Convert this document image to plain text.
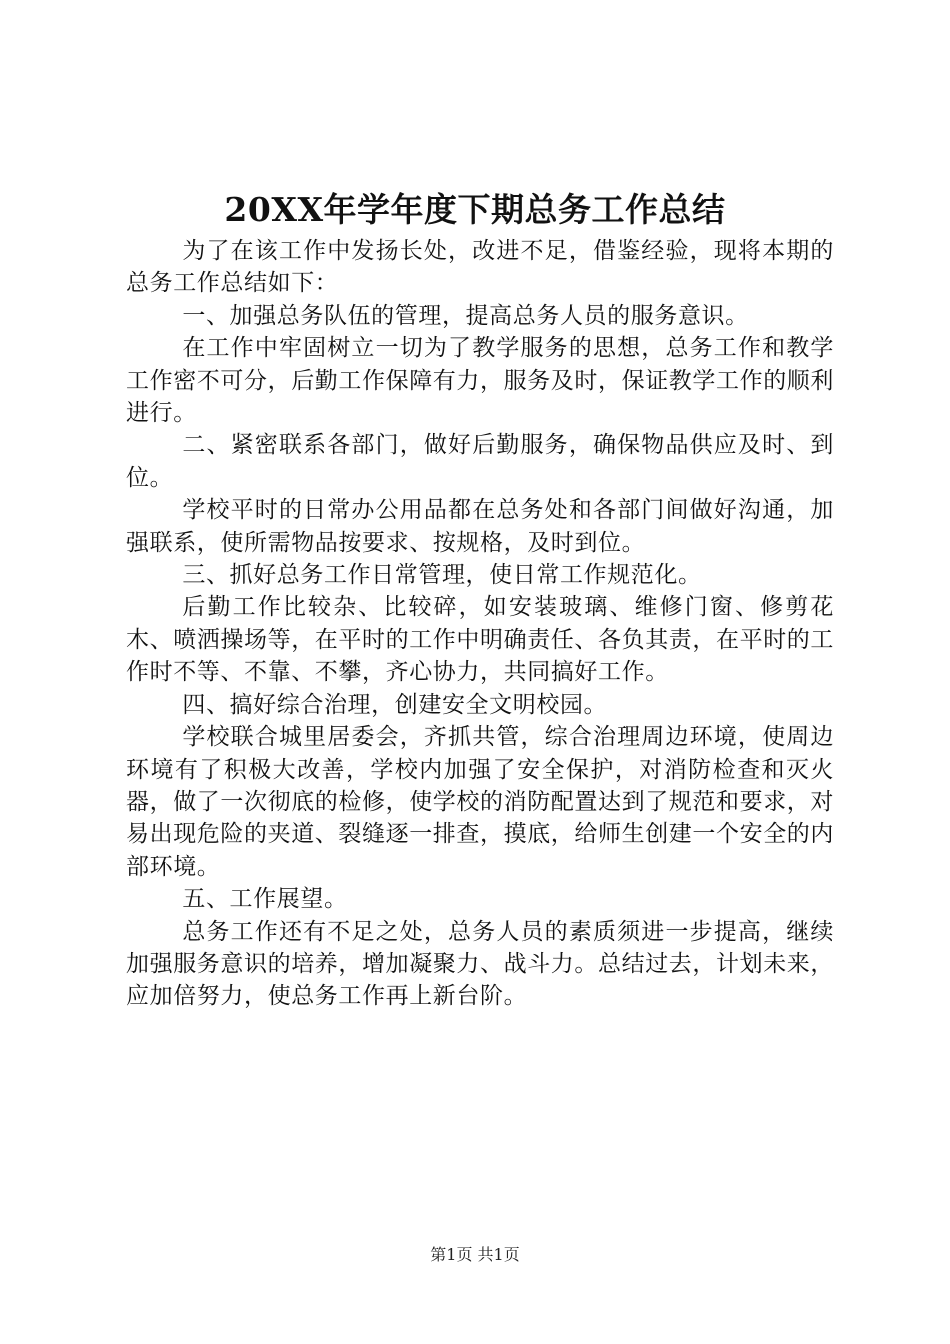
20XX年学年度下期总务工作总结

为了在该工作中发扬长处，改进不足，借鉴经验，现将本期的总务工作总结如下：

一、加强总务队伍的管理，提高总务人员的服务意识。

在工作中牢固树立一切为了教学服务的思想，总务工作和教学工作密不可分，后勤工作保障有力，服务及时，保证教学工作的顺利进行。

二、紧密联系各部门，做好后勤服务，确保物品供应及时、到位。

学校平时的日常办公用品都在总务处和各部门间做好沟通，加强联系，使所需物品按要求、按规格，及时到位。

三、抓好总务工作日常管理，使日常工作规范化。

后勤工作比较杂、比较碎，如安装玻璃、维修门窗、修剪花木、喷洒操场等，在平时的工作中明确责任、各负其责，在平时的工作时不等、不靠、不攀，齐心协力，共同搞好工作。

四、搞好综合治理，创建安全文明校园。

学校联合城里居委会，齐抓共管，综合治理周边环境，使周边环境有了积极大改善，学校内加强了安全保护，对消防检查和灭火器，做了一次彻底的检修，使学校的消防配置达到了规范和要求，对易出现危险的夹道、裂缝逐一排查，摸底，给师生创建一个安全的内部环境。

五、工作展望。

总务工作还有不足之处，总务人员的素质须进一步提高，继续加强服务意识的培养，增加凝聚力、战斗力。总结过去，计划未来，应加倍努力，使总务工作再上新台阶。

第1页 共1页
